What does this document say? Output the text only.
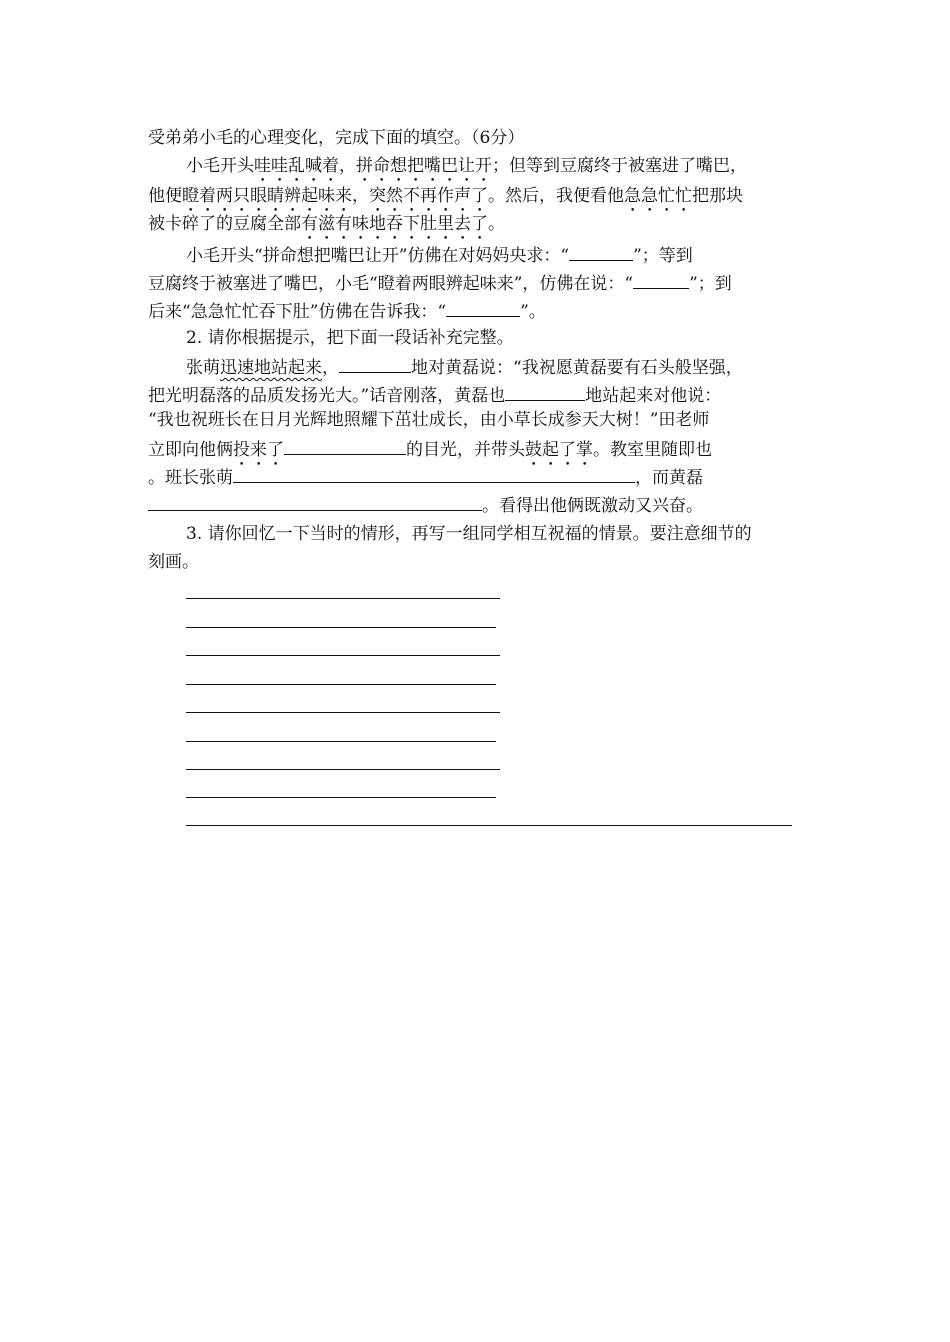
受弟弟小毛的心理变化，完成下面的填空。（6分）
小毛开头哇哇乱喊着，拼命想把嘴巴让开；但等到豆腐终于被塞进了嘴巴，
他便瞪着两只眼睛辨起味来，突然不再作声了。然后，我便看他急急忙忙把那块
被卡碎了的豆腐全部有滋有味地吞下肚里去了。
小毛开头“拼命想把嘴巴让开”仿佛在对妈妈央求：“	”；等到
豆腐终于被塞进了嘴巴，小毛“瞪着两眼辨起味来”，仿佛在说：“	”；到
后来“急急忙忙吞下肚”仿佛在告诉我：“	”。
2. 请你根据提示，把下面一段话补充完整。
张萌迅速地站起来，	地对黄磊说：“我祝愿黄磊要有石头般坚强，
把光明磊落的品质发扬光大。”话音刚落，黄磊也	地站起来对他说：
“我也祝班长在日月光辉地照耀下茁壮成长，由小草长成参天大树！”田老师
立即向他俩投来了	的目光，并带头鼓起了掌。教室里随即也
。班长张萌	，而黄磊
。看得出他俩既激动又兴奋。
3. 请你回忆一下当时的情形，再写一组同学相互祝福的情景。要注意细节的
刻画。
